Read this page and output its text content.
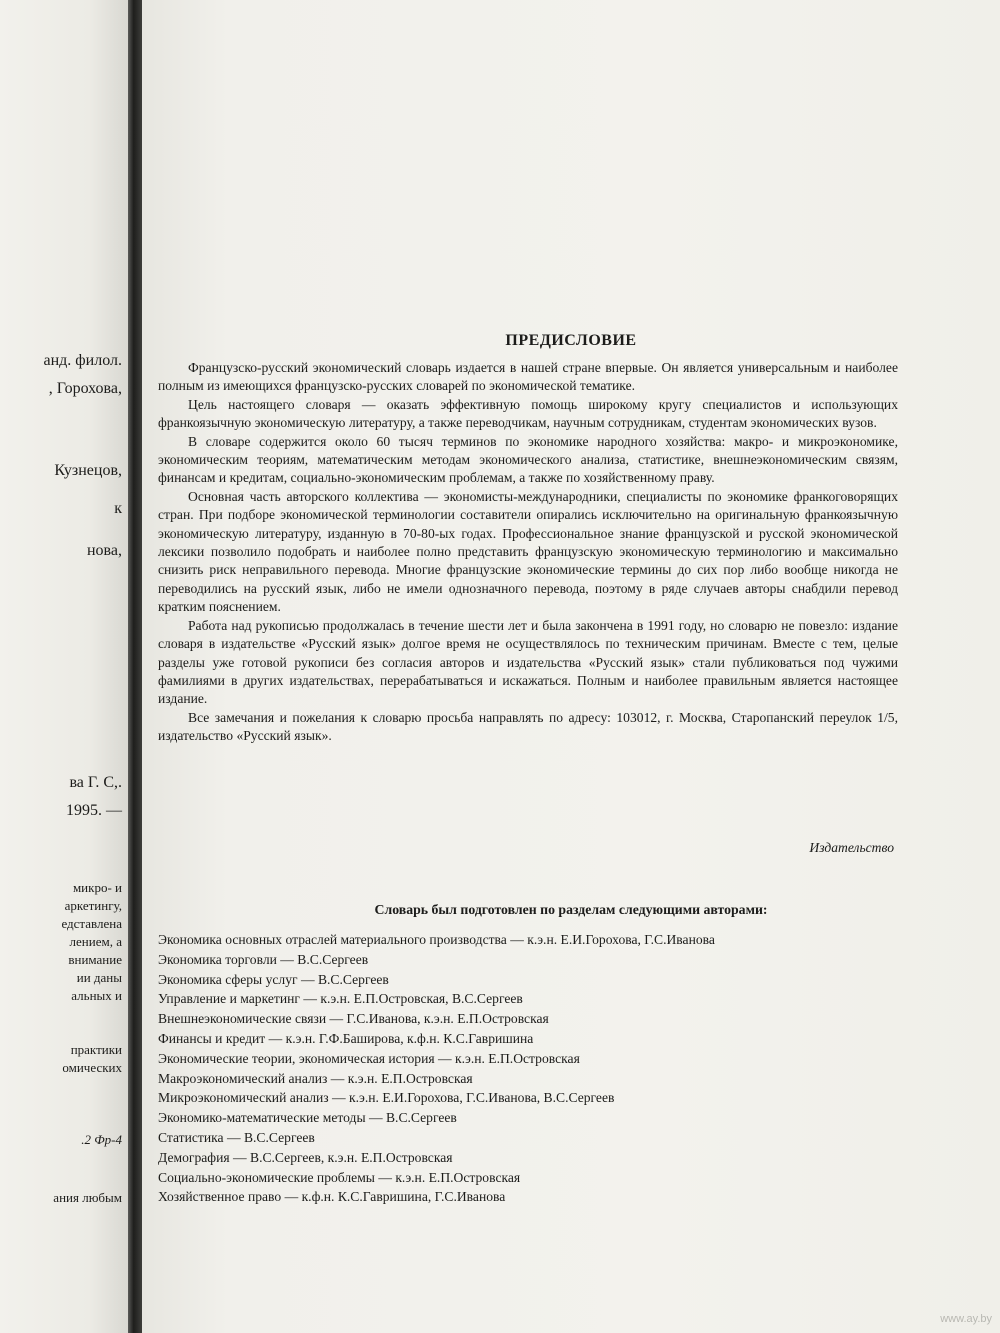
анд. филол.
, Горохова,
Кузнецов,
к
нова,
ва Г. С,.
1995. —
микро- и
аркетингу,
едставлена
лением, а
внимание
ии даны
альных и
практики
омических
.2 Фр-4
ания любым
ПРЕДИСЛОВИЕ

Французско-русский экономический словарь издается в нашей стране впервые. Он является универсальным и наиболее полным из имеющихся французско-русских словарей по экономической тематике.

Цель настоящего словаря — оказать эффективную помощь широкому кругу специалистов и использующих франкоязычную экономическую литературу, а также переводчикам, научным сотрудникам, студентам экономических вузов.

В словаре содержится около 60 тысяч терминов по экономике народного хозяйства: макро- и микроэкономике, экономическим теориям, математическим методам экономического анализа, статистике, внешнеэкономическим связям, финансам и кредитам, социально-экономическим проблемам, а также по хозяйственному праву.

Основная часть авторского коллектива — экономисты-международники, специалисты по экономике франкоговорящих стран. При подборе экономической терминологии составители опирались исключительно на оригинальную франкоязычную экономическую литературу, изданную в 70-80-ых годах. Профессиональное знание французской и русской экономической лексики позволило подобрать и наиболее полно представить французскую экономическую терминологию и максимально снизить риск неправильного перевода. Многие французские экономические термины до сих пор либо вообще никогда не переводились на русский язык, либо не имели однозначного перевода, поэтому в ряде случаев авторы снабдили перевод кратким пояснением.

Работа над рукописью продолжалась в течение шести лет и была закончена в 1991 году, но словарю не повезло: издание словаря в издательстве «Русский язык» долгое время не осуществлялось по техническим причинам. Вместе с тем, целые разделы уже готовой рукописи без согласия авторов и издательства «Русский язык» стали публиковаться под чужими фамилиями в других издательствах, перерабатываться и искажаться. Полным и наиболее правильным является настоящее издание.

Все замечания и пожелания к словарю просьба направлять по адресу: 103012, г. Москва, Старопанский переулок 1/5, издательство «Русский язык».

Издательство
Словарь был подготовлен по разделам следующими авторами:
Экономика основных отраслей материального производства — к.э.н. Е.И.Горохова, Г.С.Иванова
Экономика торговли — В.С.Сергеев
Экономика сферы услуг — В.С.Сергеев
Управление и маркетинг — к.э.н. Е.П.Островская, В.С.Сергеев
Внешнеэкономические связи — Г.С.Иванова, к.э.н. Е.П.Островская
Финансы и кредит — к.э.н. Г.Ф.Баширова, к.ф.н. К.С.Гавришина
Экономические теории, экономическая история — к.э.н. Е.П.Островская
Макроэкономический анализ — к.э.н. Е.П.Островская
Микроэкономический анализ — к.э.н. Е.И.Горохова, Г.С.Иванова, В.С.Сергеев
Экономико-математические методы — В.С.Сергеев
Статистика — В.С.Сергеев
Демография — В.С.Сергеев, к.э.н. Е.П.Островская
Социально-экономические проблемы — к.э.н. Е.П.Островская
Хозяйственное право — к.ф.н. К.С.Гавришина, Г.С.Иванова
www.ay.by
